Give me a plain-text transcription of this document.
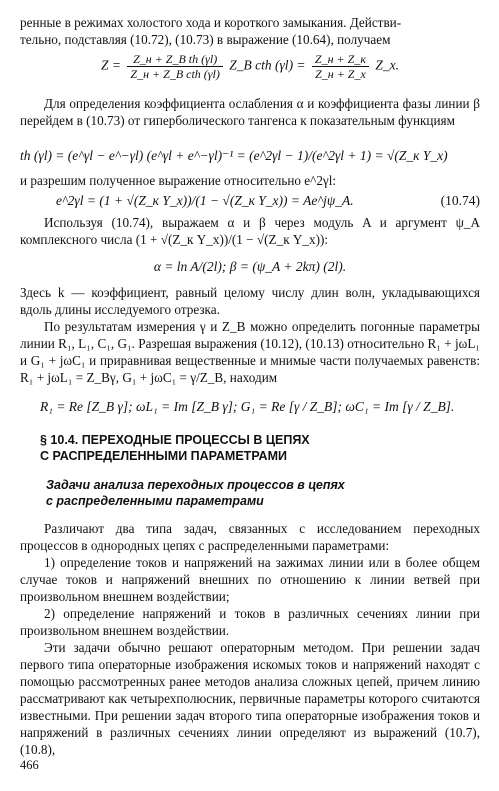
ренные в режимах холостого хода и короткого замыкания. Действи-

тельно, подставляя (10.72), (10.73) в выражение (10.64), получаем

$Z = \frac{\text{Z\_н + Z\_B th (γl)}}{\text{Z\_н + Z\_B cth (γl)}}$ Z_B cth $(\gamma l) = \frac{Z\_н + Z\_к}{Z\_н + Z\_х}$ Z_х.

Для определения коэффициента ослабления α и коэффициента фазы линии β перейдем в (10.73) от гиперболического тангенса к показательным функциям

th (γl) = (e^γl − e^−γl) (e^γl + e^−γl)⁻¹ = (e^2γl − 1)/(e^2γl + 1) = √(Z_к Y_х)

и разрешим полученное выражение относительно e^2γl:

e^2γl = (1 + √(Z_к Y_х))/(1 − √(Z_к Y_х)) = Ae^jψ_A.	(10.74)

Используя (10.74), выражаем α и β через модуль A и аргумент ψ_A комплексного числа (1 + √(Z_к Y_х))/(1 − √(Z_к Y_х)):

α = ln A/(2l); β = (ψ_A + 2kπ) (2l).

Здесь k — коэффициент, равный целому числу длин волн, укладывающихся вдоль длины исследуемого отрезка.

По результатам измерения γ и Z_B можно определить погонные параметры линии R₁, L₁, C₁, G₁. Разрешая выражения (10.12), (10.13) относительно R₁ + jωL₁ и G₁ + jωC₁ и приравнивая вещественные и мнимые части получаемых равенств: R₁ + jωL₁ = Z_Bγ, G₁ + jωC₁ = γ/Z_B, находим

R₁ = Re [Z_B γ]; ωL₁ = Im [Z_B γ]; G₁ = Re [γ / Z_B]; ωC₁ = Im [γ / Z_B].
§ 10.4. ПЕРЕХОДНЫЕ ПРОЦЕССЫ В ЦЕПЯХ
С РАСПРЕДЕЛЕННЫМИ ПАРАМЕТРАМИ
Задачи анализа переходных процессов в цепях
с распределенными параметрами

Различают два типа задач, связанных с исследованием переходных процессов в однородных цепях с распределенными параметрами:

1) определение токов и напряжений на зажимах линии или в более общем случае токов и напряжений внешних по отношению к линии ветвей при произвольном внешнем воздействии;

2) определение напряжений и токов в различных сечениях линии при произвольном внешнем воздействии.

Эти задачи обычно решают операторным методом. При решении задач первого типа операторные изображения искомых токов и напряжений находят с помощью рассмотренных ранее методов анализа сложных цепей, причем линию рассматривают как четырехполюсник, первичные параметры которого считаются известными. При решении задач второго типа операторные изображения токов и напряжений в различных сечениях линии определяют из выражений (10.7), (10.8),

466
